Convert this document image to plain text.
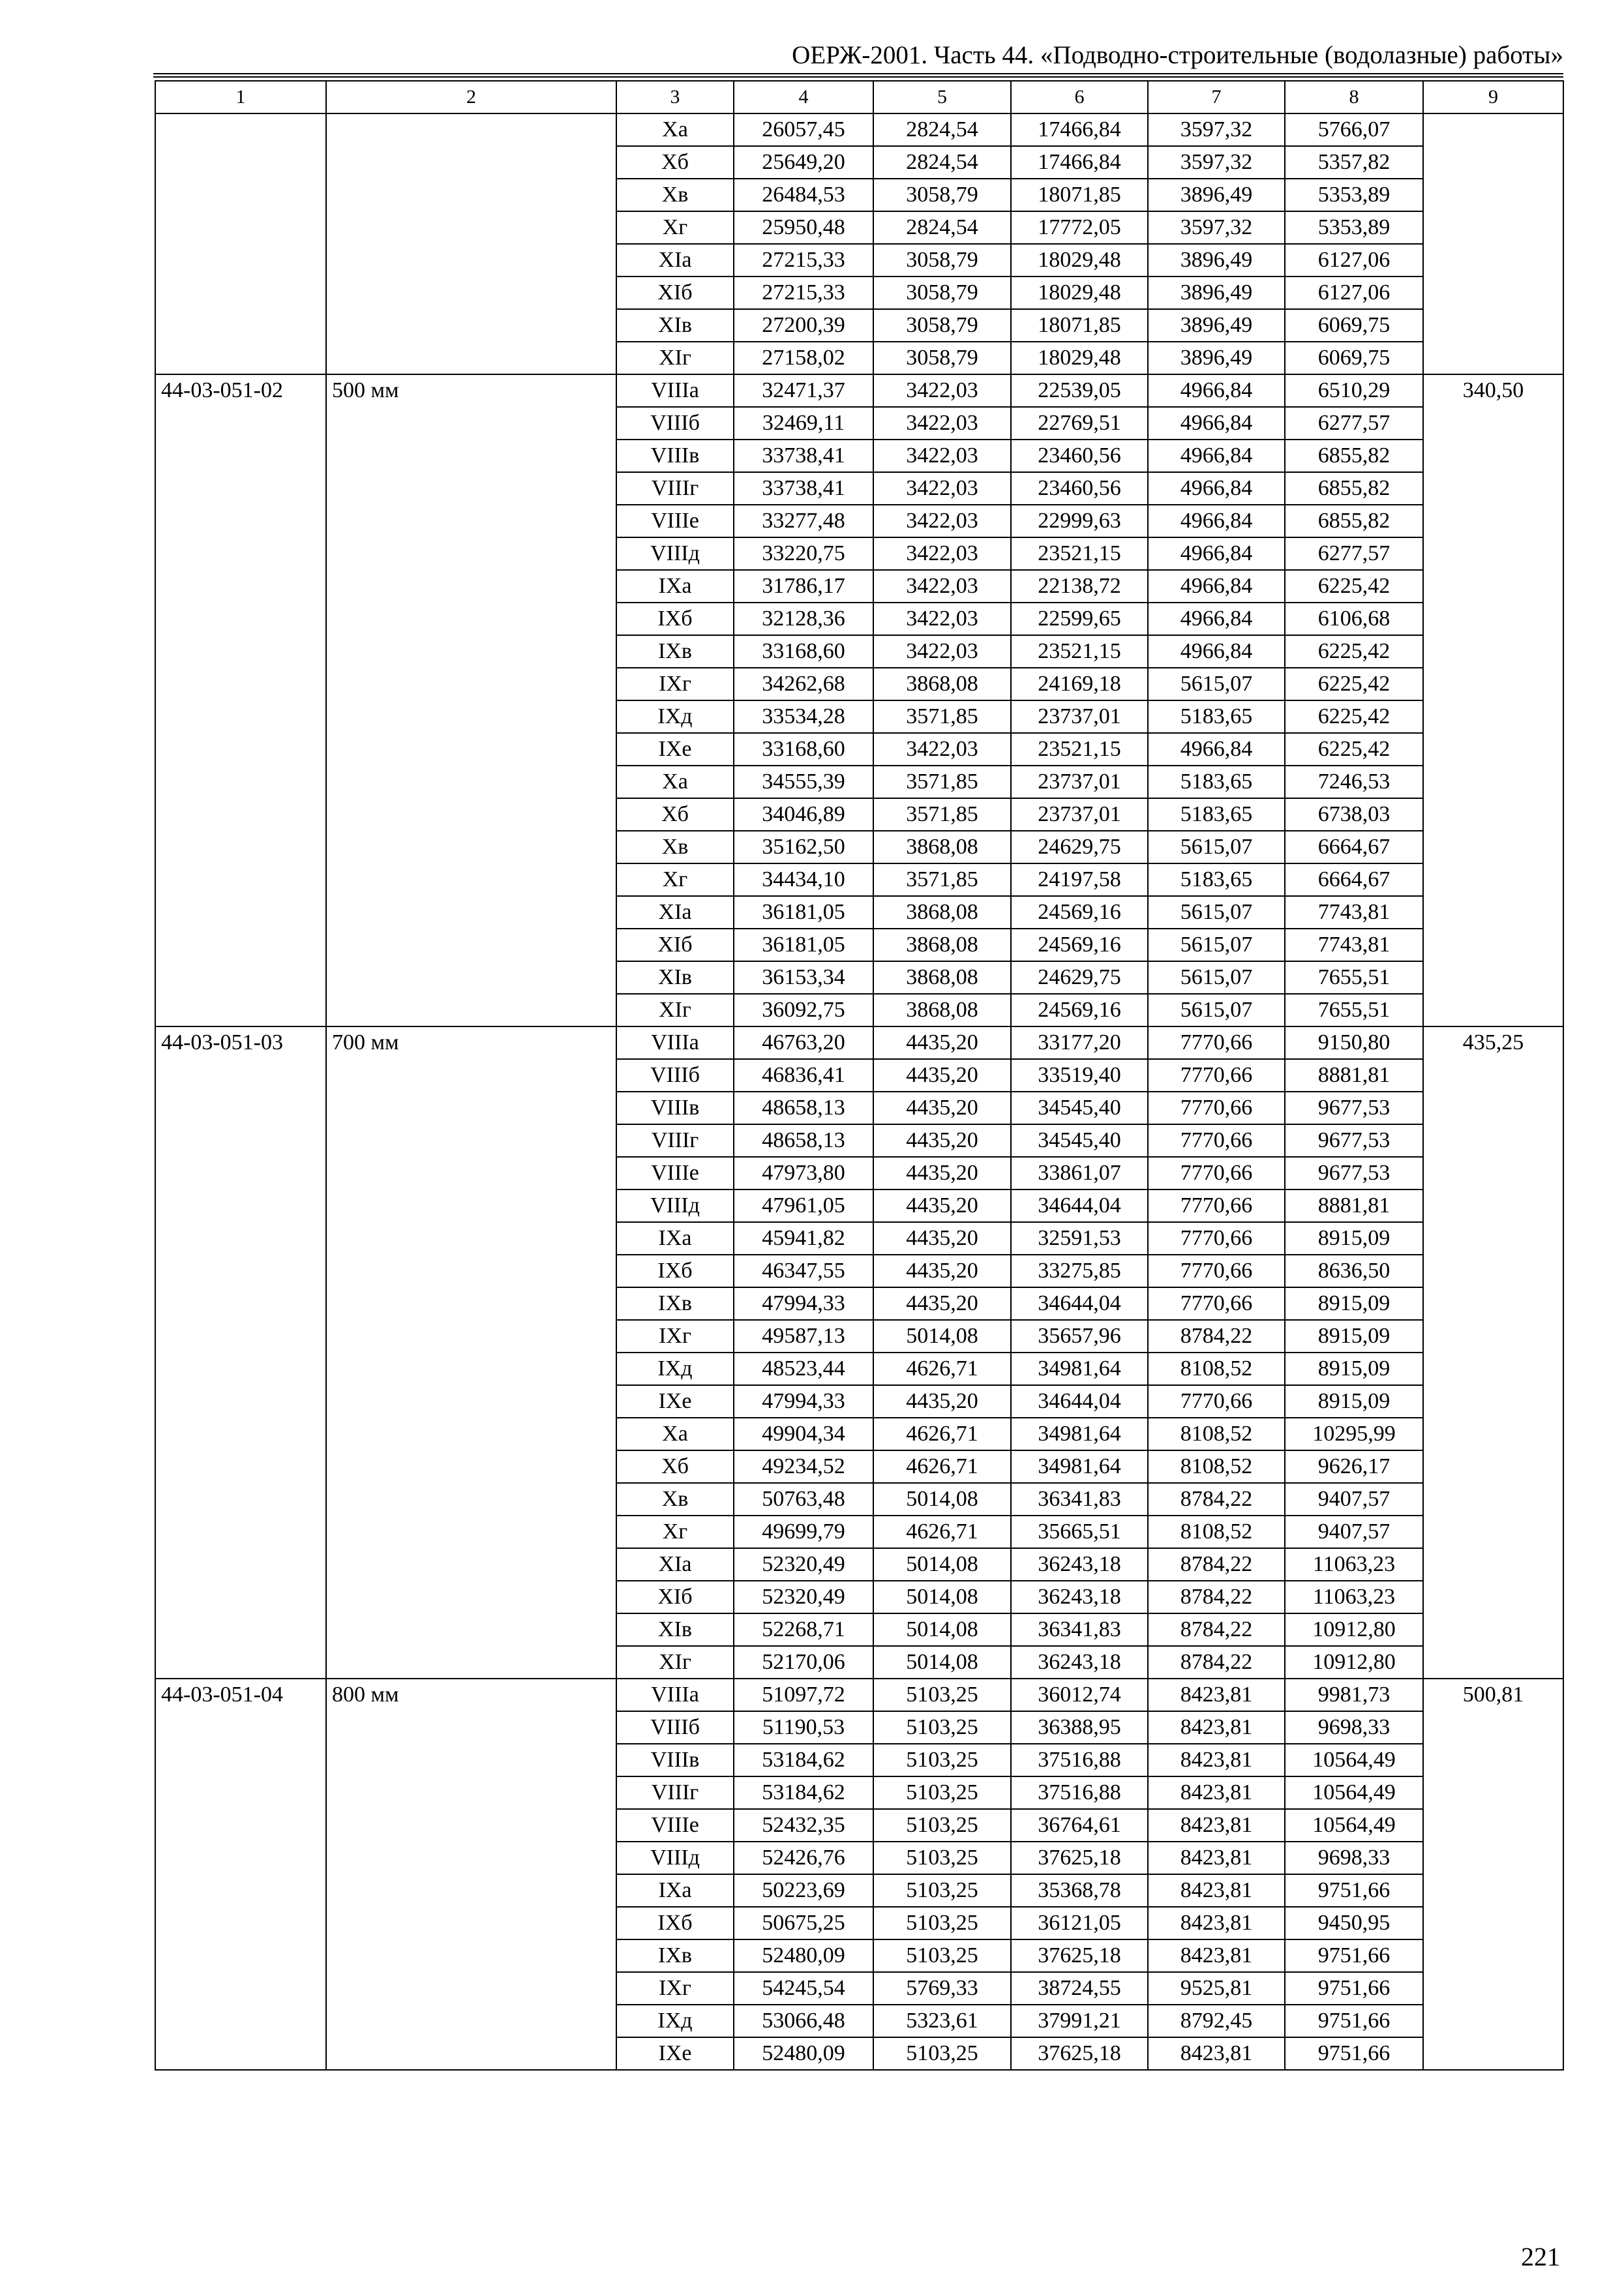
ОЕРЖ-2001. Часть 44. «Подводно-строительные (водолазные) работы»
1	2	3	4	5	6	7	8	9
		Xa	26057,45	2824,54	17466,84	3597,32	5766,07	
		Xб	25649,20	2824,54	17466,84	3597,32	5357,82	
		Xв	26484,53	3058,79	18071,85	3896,49	5353,89	
		Xг	25950,48	2824,54	17772,05	3597,32	5353,89	
		XIa	27215,33	3058,79	18029,48	3896,49	6127,06	
		XIб	27215,33	3058,79	18029,48	3896,49	6127,06	
		XIв	27200,39	3058,79	18071,85	3896,49	6069,75	
		XIг	27158,02	3058,79	18029,48	3896,49	6069,75	
44-03-051-02	500 мм	VIIIa	32471,37	3422,03	22539,05	4966,84	6510,29	340,50
		VIIIб	32469,11	3422,03	22769,51	4966,84	6277,57	
		VIIIв	33738,41	3422,03	23460,56	4966,84	6855,82	
		VIIIг	33738,41	3422,03	23460,56	4966,84	6855,82	
		VIIIe	33277,48	3422,03	22999,63	4966,84	6855,82	
		VIIIд	33220,75	3422,03	23521,15	4966,84	6277,57	
		IXa	31786,17	3422,03	22138,72	4966,84	6225,42	
		IXб	32128,36	3422,03	22599,65	4966,84	6106,68	
		IXв	33168,60	3422,03	23521,15	4966,84	6225,42	
		IXг	34262,68	3868,08	24169,18	5615,07	6225,42	
		IXд	33534,28	3571,85	23737,01	5183,65	6225,42	
		IXe	33168,60	3422,03	23521,15	4966,84	6225,42	
		Xa	34555,39	3571,85	23737,01	5183,65	7246,53	
		Xб	34046,89	3571,85	23737,01	5183,65	6738,03	
		Xв	35162,50	3868,08	24629,75	5615,07	6664,67	
		Xг	34434,10	3571,85	24197,58	5183,65	6664,67	
		XIa	36181,05	3868,08	24569,16	5615,07	7743,81	
		XIб	36181,05	3868,08	24569,16	5615,07	7743,81	
		XIв	36153,34	3868,08	24629,75	5615,07	7655,51	
		XIг	36092,75	3868,08	24569,16	5615,07	7655,51	
44-03-051-03	700 мм	VIIIa	46763,20	4435,20	33177,20	7770,66	9150,80	435,25
		VIIIб	46836,41	4435,20	33519,40	7770,66	8881,81	
		VIIIв	48658,13	4435,20	34545,40	7770,66	9677,53	
		VIIIг	48658,13	4435,20	34545,40	7770,66	9677,53	
		VIIIe	47973,80	4435,20	33861,07	7770,66	9677,53	
		VIIIд	47961,05	4435,20	34644,04	7770,66	8881,81	
		IXa	45941,82	4435,20	32591,53	7770,66	8915,09	
		IXб	46347,55	4435,20	33275,85	7770,66	8636,50	
		IXв	47994,33	4435,20	34644,04	7770,66	8915,09	
		IXг	49587,13	5014,08	35657,96	8784,22	8915,09	
		IXд	48523,44	4626,71	34981,64	8108,52	8915,09	
		IXe	47994,33	4435,20	34644,04	7770,66	8915,09	
		Xa	49904,34	4626,71	34981,64	8108,52	10295,99	
		Xб	49234,52	4626,71	34981,64	8108,52	9626,17	
		Xв	50763,48	5014,08	36341,83	8784,22	9407,57	
		Xг	49699,79	4626,71	35665,51	8108,52	9407,57	
		XIa	52320,49	5014,08	36243,18	8784,22	11063,23	
		XIб	52320,49	5014,08	36243,18	8784,22	11063,23	
		XIв	52268,71	5014,08	36341,83	8784,22	10912,80	
		XIг	52170,06	5014,08	36243,18	8784,22	10912,80	
44-03-051-04	800 мм	VIIIa	51097,72	5103,25	36012,74	8423,81	9981,73	500,81
		VIIIб	51190,53	5103,25	36388,95	8423,81	9698,33	
		VIIIв	53184,62	5103,25	37516,88	8423,81	10564,49	
		VIIIг	53184,62	5103,25	37516,88	8423,81	10564,49	
		VIIIe	52432,35	5103,25	36764,61	8423,81	10564,49	
		VIIIд	52426,76	5103,25	37625,18	8423,81	9698,33	
		IXa	50223,69	5103,25	35368,78	8423,81	9751,66	
		IXб	50675,25	5103,25	36121,05	8423,81	9450,95	
		IXв	52480,09	5103,25	37625,18	8423,81	9751,66	
		IXг	54245,54	5769,33	38724,55	9525,81	9751,66	
		IXд	53066,48	5323,61	37991,21	8792,45	9751,66	
		IXe	52480,09	5103,25	37625,18	8423,81	9751,66	
221
